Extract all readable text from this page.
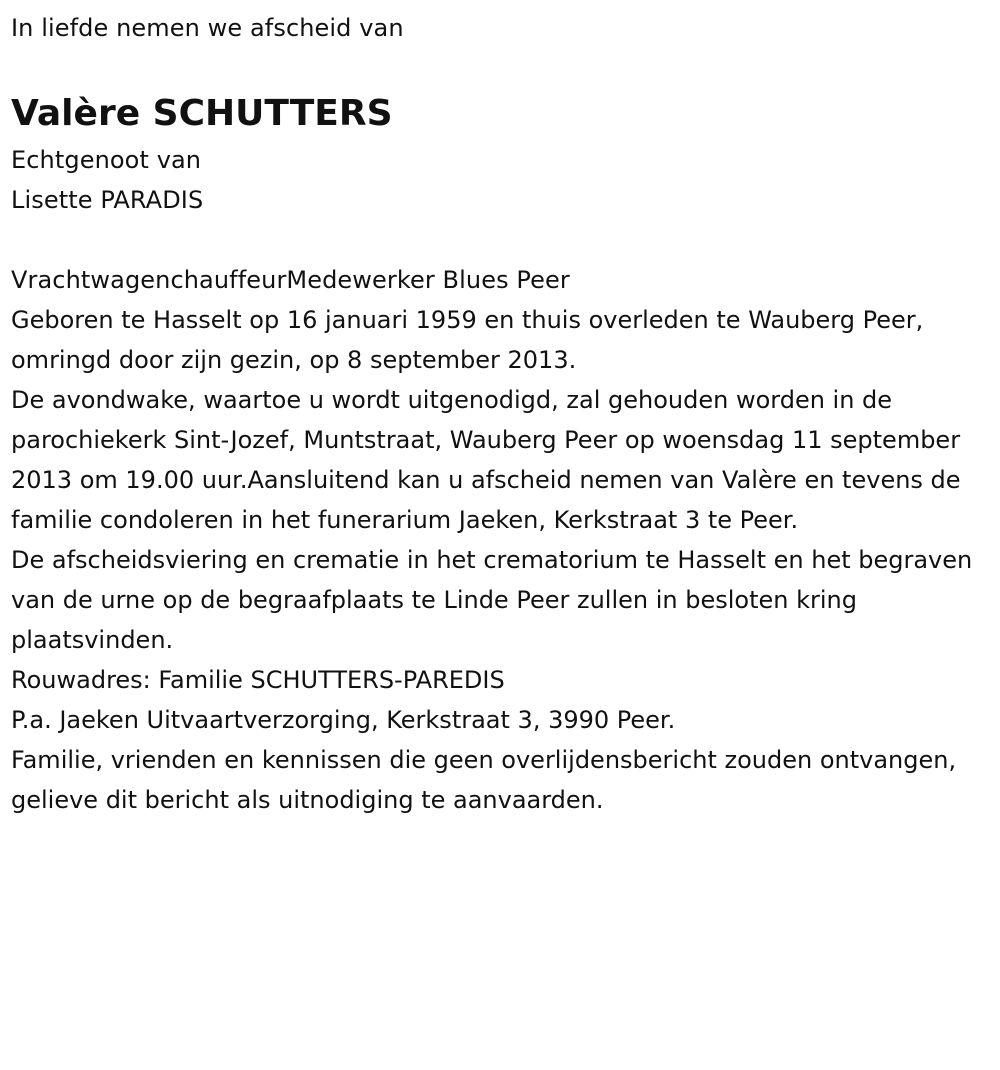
In liefde nemen we afscheid van

Valère SCHUTTERS

Echtgenoot van

Lisette PARADIS

VrachtwagenchauffeurMedewerker Blues Peer

Geboren te Hasselt op 16 januari 1959 en thuis overleden te Wauberg Peer, omringd door zijn gezin, op 8 september 2013.

De avondwake, waartoe u wordt uitgenodigd, zal gehouden worden in de parochiekerk Sint-Jozef, Muntstraat, Wauberg Peer op woensdag 11 september 2013 om 19.00 uur.Aansluitend kan u afscheid nemen van Valère en tevens de familie condoleren in het funerarium Jaeken, Kerkstraat 3 te Peer.

De afscheidsviering en crematie in het crematorium te Hasselt en het begraven van de urne op de begraafplaats te Linde Peer zullen in besloten kring plaatsvinden.

Rouwadres: Familie SCHUTTERS-PAREDIS

P.a. Jaeken Uitvaartverzorging, Kerkstraat 3, 3990 Peer.

Familie, vrienden en kennissen die geen overlijdensbericht zouden ontvangen, gelieve dit bericht als uitnodiging te aanvaarden.
